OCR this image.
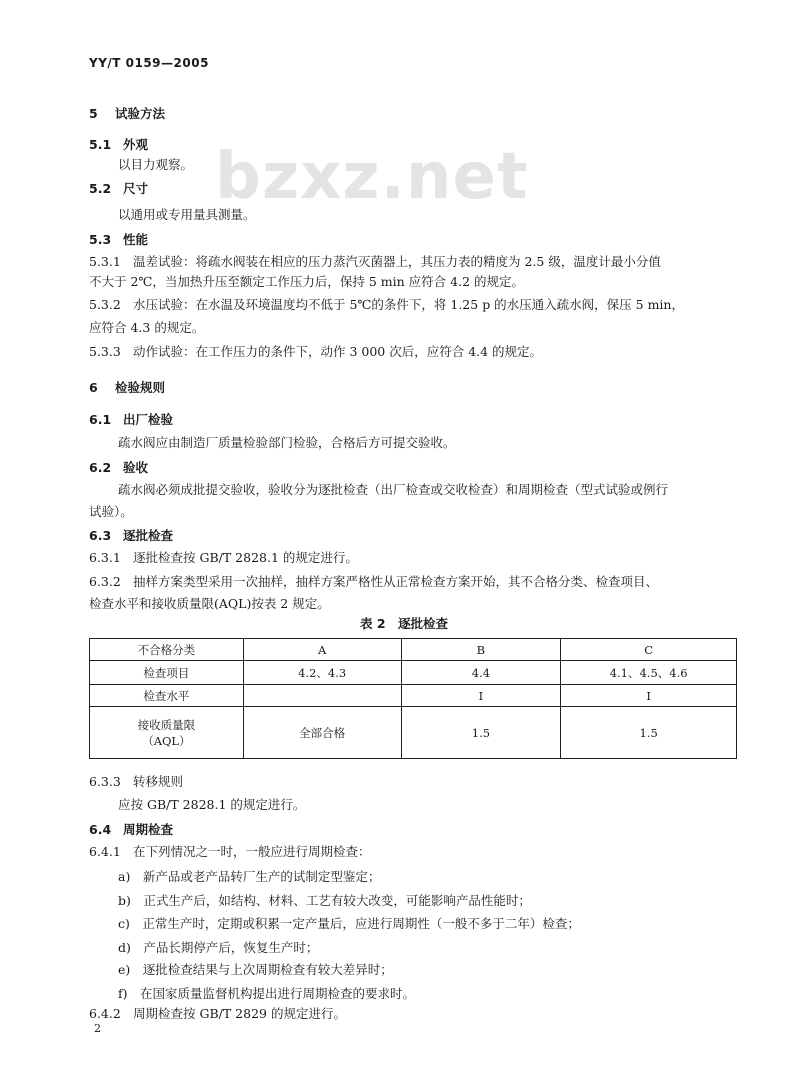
YY/T 0159—2005
bzxz.net
5 试验方法
5.1 外观
以目力观察。
5.2 尺寸
以通用或专用量具测量。
5.3 性能
5.3.1 温差试验：将疏水阀装在相应的压力蒸汽灭菌器上，其压力表的精度为 2.5 级，温度计最小分值
不大于 2℃，当加热升压至额定工作压力后，保持 5 min 应符合 4.2 的规定。
5.3.2 水压试验：在水温及环境温度均不低于 5℃的条件下，将 1.25 p 的水压通入疏水阀，保压 5 min，
应符合 4.3 的规定。
5.3.3 动作试验：在工作压力的条件下，动作 3 000 次后，应符合 4.4 的规定。
6 检验规则
6.1 出厂检验
疏水阀应由制造厂质量检验部门检验，合格后方可提交验收。
6.2 验收
疏水阀必须成批提交验收，验收分为逐批检查（出厂检查或交收检查）和周期检查（型式试验或例行
试验）。
6.3 逐批检查
6.3.1 逐批检查按 GB/T 2828.1 的规定进行。
6.3.2 抽样方案类型采用一次抽样，抽样方案严格性从正常检查方案开始，其不合格分类、检查项目、
检查水平和接收质量限(AQL)按表 2 规定。
表 2　逐批检查
不合格分类	A	B	C
检查项目	4.2、4.3	4.4	4.1、4.5、4.6
检查水平		Ⅰ	Ⅰ
接收质量限
（AQL）	全部合格	1.5	1.5
6.3.3 转移规则
应按 GB/T 2828.1 的规定进行。
6.4 周期检查
6.4.1 在下列情况之一时，一般应进行周期检查：
a)　新产品或老产品转厂生产的试制定型鉴定；
b)　正式生产后，如结构、材料、工艺有较大改变，可能影响产品性能时；
c)　正常生产时，定期或积累一定产量后，应进行周期性（一般不多于二年）检查；
d)　产品长期停产后，恢复生产时；
e)　逐批检查结果与上次周期检查有较大差异时；
f)　在国家质量监督机构提出进行周期检查的要求时。
6.4.2 周期检查按 GB/T 2829 的规定进行。
2
